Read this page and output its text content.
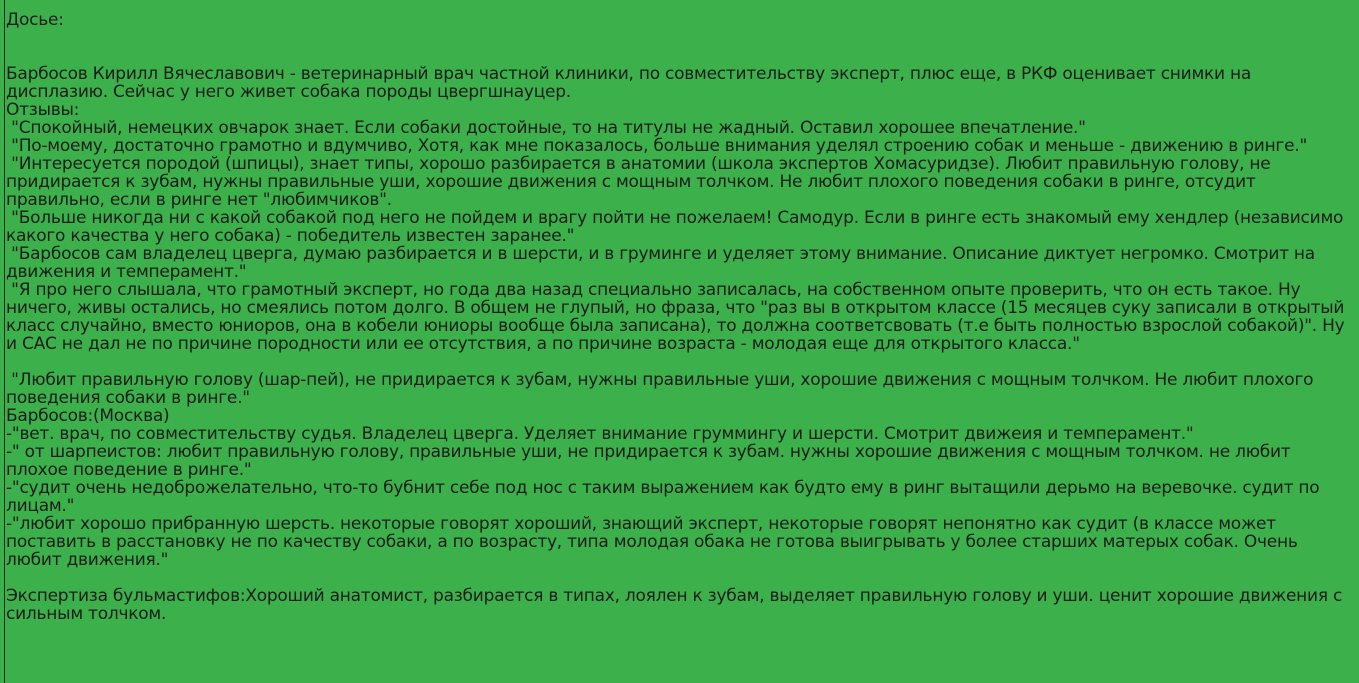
Досье:

Барбосов Кирилл Вячеславович - ветеринарный врач частной клиники, по совместительству эксперт, плюс еще, в РКФ оценивает снимки на дисплазию. Сейчас у него живет собака породы цвергшнауцер.

Отзывы:

"Спокойный, немецких овчарок знает. Если собаки достойные, то на титулы не жадный. Оставил хорошее впечатление."

"По-моему, достаточно грамотно и вдумчиво, Хотя, как мне показалось, больше внимания уделял строению собак и меньше - движению в ринге."

"Интересуется породой (шпицы), знает типы, хорошо разбирается в анатомии (школа экспертов Хомасуридзе). Любит правильную голову, не придирается к зубам, нужны правильные уши, хорошие движения с мощным толчком. Не любит плохого поведения собаки в ринге, отсудит правильно, если в ринге нет "любимчиков".

"Больше никогда ни с какой собакой под него не пойдем и врагу пойти не пожелаем! Самодур. Если в ринге есть знакомый ему хендлер (независимо какого качества у него собака) - победитель известен заранее."

"Барбосов сам владелец цверга, думаю разбирается и в шерсти, и в груминге и уделяет этому внимание. Описание диктует негромко. Смотрит на движения и темперамент."

"Я про него слышала, что грамотный эксперт, но года два назад специально записалась, на собственном опыте проверить, что он есть такое. Ну ничего, живы остались, но смеялись потом долго. В общем не глупый, но фраза, что "раз вы в открытом классе (15 месяцев суку записали в открытый класс случайно, вместо юниоров, она в кобели юниоры вообще была записана), то должна соответсвовать (т.е быть полностью взрослой собакой)". Ну и САС не дал не по причине породности или ее отсутствия, а по причине возраста - молодая еще для открытого класса."

"Любит правильную голову (шар-пей), не придирается к зубам, нужны правильные уши, хорошие движения с мощным толчком. Не любит плохого поведения собаки в ринге."

Барбосов:(Москва)

-"вет. врач, по совместительству судья. Владелец цверга. Уделяет внимание груммингу и шерсти. Смотрит движеия и темперамент."

-" от шарпеистов: любит правильную голову, правильные уши, не придирается к зубам. нужны хорошие движения с мощным толчком. не любит плохое поведение в ринге."

-"судит очень недоброжелательно, что-то бубнит себе под нос с таким выражением как будто ему в ринг вытащили дерьмо на веревочке. судит по лицам."

-"любит хорошо прибранную шерсть. некоторые говорят хороший, знающий эксперт, некоторые говорят непонятно как судит (в классе может поставить в расстановку не по качеству собаки, а по возрасту, типа молодая обака не готова выигрывать у более старших матерых собак. Очень любит движения."

Экспертиза бульмастифов:Хороший анатомист, разбирается в типах, лоялен к зубам, выделяет правильную голову и уши. ценит хорошие движения с сильным толчком.
